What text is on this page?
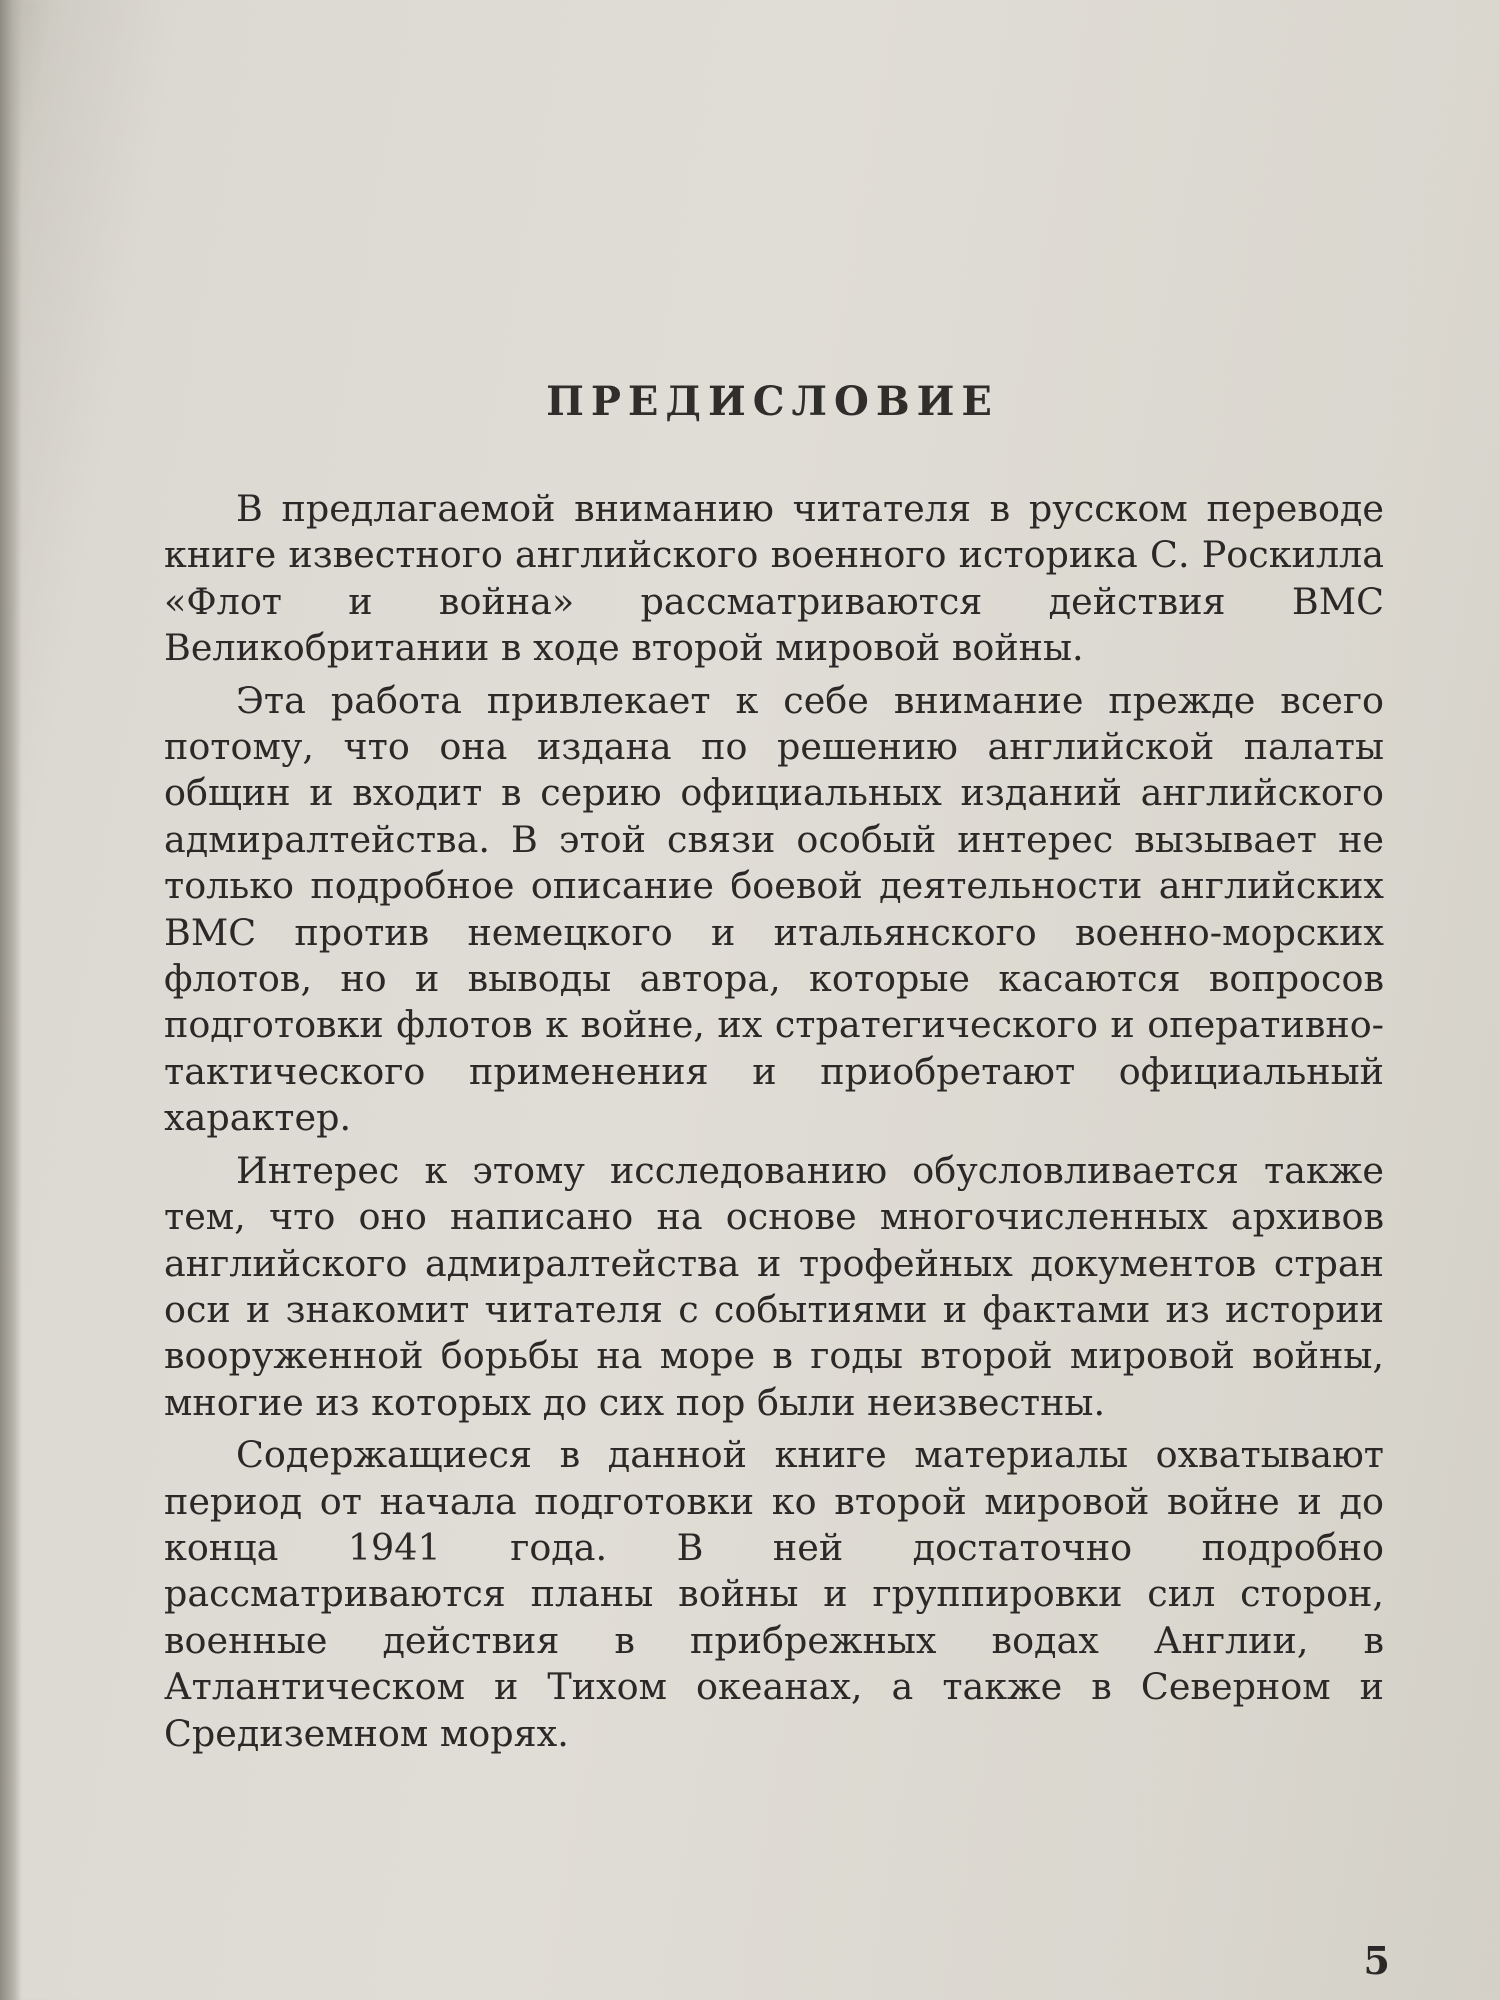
ПРЕДИСЛОВИЕ

В предлагаемой вниманию читателя в русском переводе книге известного английского военного историка С. Роскилла «Флот и война» рассматриваются действия ВМС Великобритании в ходе второй мировой войны.

Эта работа привлекает к себе внимание прежде всего потому, что она издана по решению английской палаты общин и входит в серию официальных изданий английского адмиралтейства. В этой связи особый интерес вызывает не только подробное описание боевой деятельности английских ВМС против немецкого и итальянского военно-морских флотов, но и выводы автора, которые касаются вопросов подготовки флотов к войне, их стратегического и оперативно-тактического применения и приобретают официальный характер.

Интерес к этому исследованию обусловливается также тем, что оно написано на основе многочисленных архивов английского адмиралтейства и трофейных документов стран оси и знакомит читателя с событиями и фактами из истории вооруженной борьбы на море в годы второй мировой войны, многие из которых до сих пор были неизвестны.

Содержащиеся в данной книге материалы охватывают период от начала подготовки ко второй мировой войне и до конца 1941 года. В ней достаточно подробно рассматриваются планы войны и группировки сил сторон, военные действия в прибрежных водах Англии, в Атлантическом и Тихом океанах, а также в Северном и Средиземном морях.

5
